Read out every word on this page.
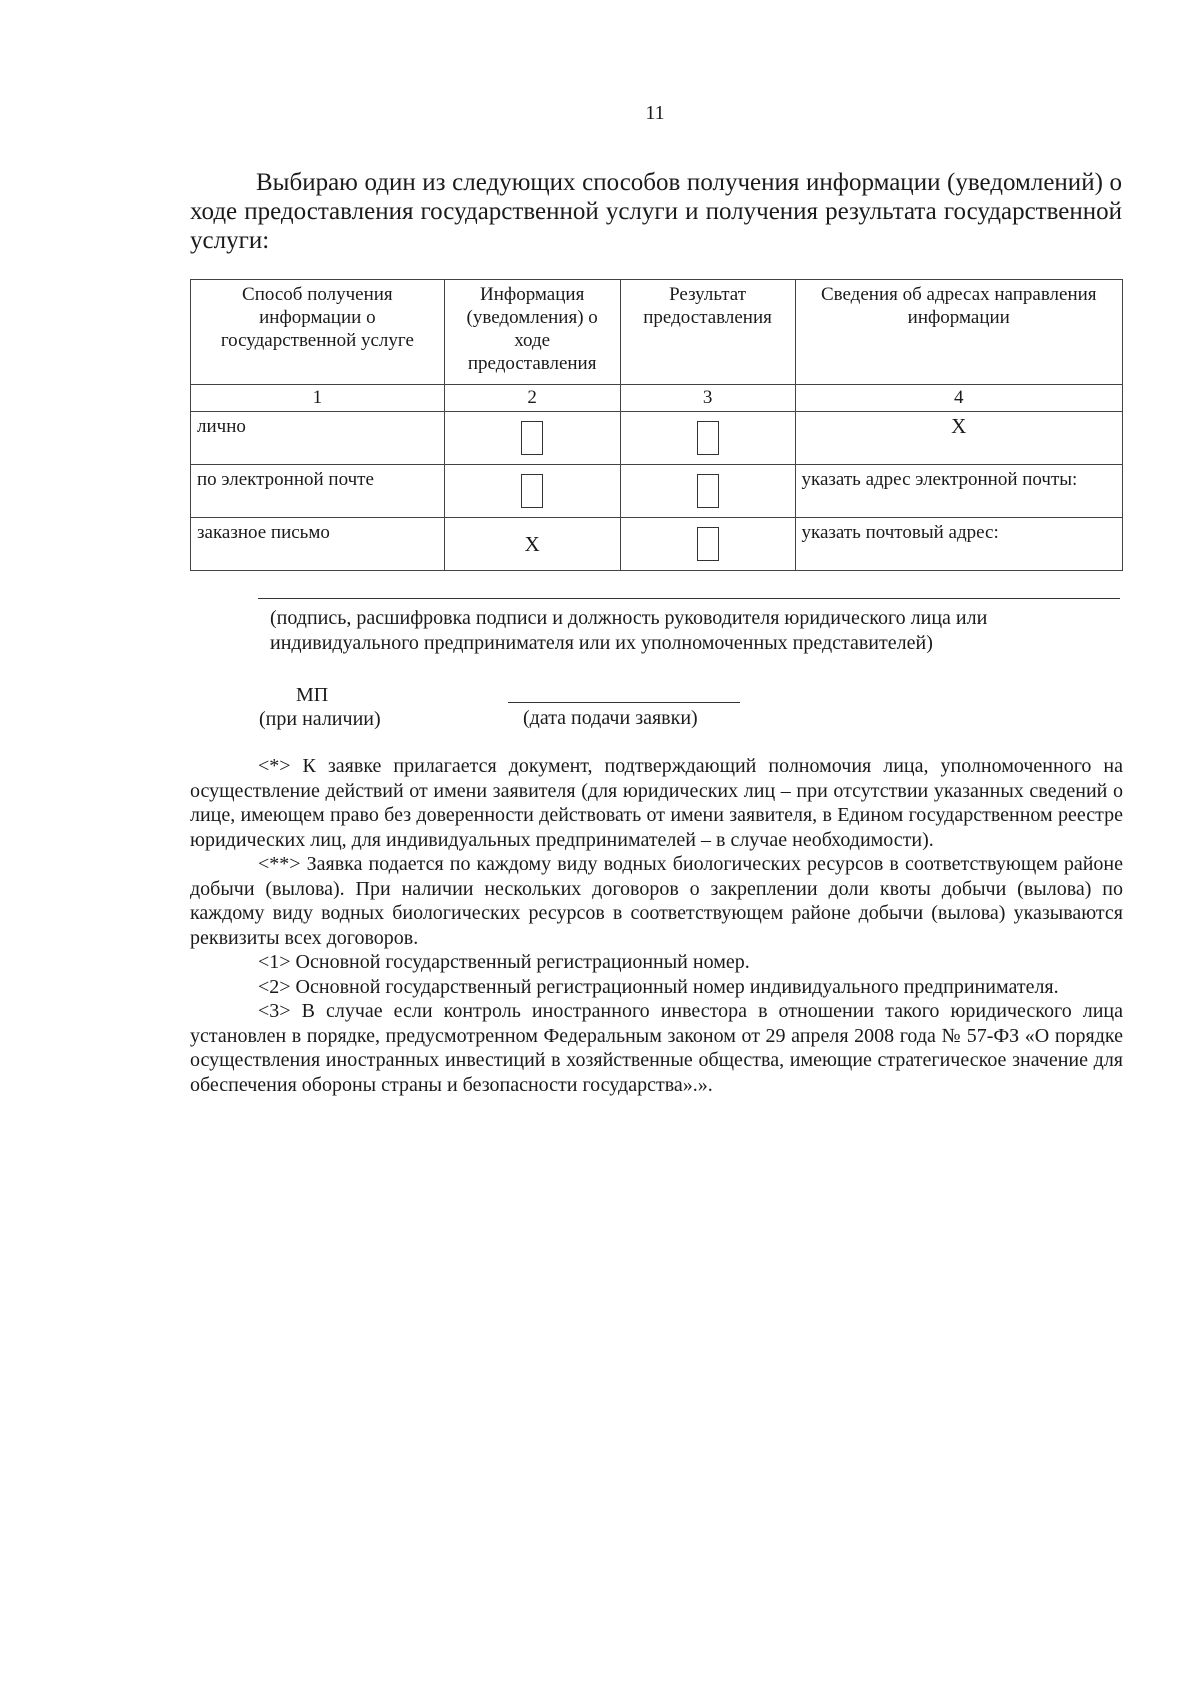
11

Выбираю один из следующих способов получения информации (уведомлений) о ходе предоставления государственной услуги и получения результата государственной услуги:

Способ получения информации о государственной услуге	Информация (уведомления) о ходе предоставления	Результат предоставления	Сведения об адресах направления информации
1	2	3	4
лично			Х
по электронной почте			указать адрес электронной почты:
заказное письмо	Х		указать почтовый адрес:

(подпись, расшифровка подписи и должность руководителя юридического лица или индивидуального предпринимателя или их уполномоченных представителей)

МП
(при наличии)	(дата подачи заявки)

<*> К заявке прилагается документ, подтверждающий полномочия лица, уполномоченного на осуществление действий от имени заявителя (для юридических лиц – при отсутствии указанных сведений о лице, имеющем право без доверенности действовать от имени заявителя, в Едином государственном реестре юридических лиц, для индивидуальных предпринимателей – в случае необходимости).

<**> Заявка подается по каждому виду водных биологических ресурсов в соответствующем районе добычи (вылова). При наличии нескольких договоров о закреплении доли квоты добычи (вылова) по каждому виду водных биологических ресурсов в соответствующем районе добычи (вылова) указываются реквизиты всех договоров.

<1> Основной государственный регистрационный номер.

<2> Основной государственный регистрационный номер индивидуального предпринимателя.

<3> В случае если контроль иностранного инвестора в отношении такого юридического лица установлен в порядке, предусмотренном Федеральным законом от 29 апреля 2008 года № 57-ФЗ «О порядке осуществления иностранных инвестиций в хозяйственные общества, имеющие стратегическое значение для обеспечения обороны страны и безопасности государства».».
